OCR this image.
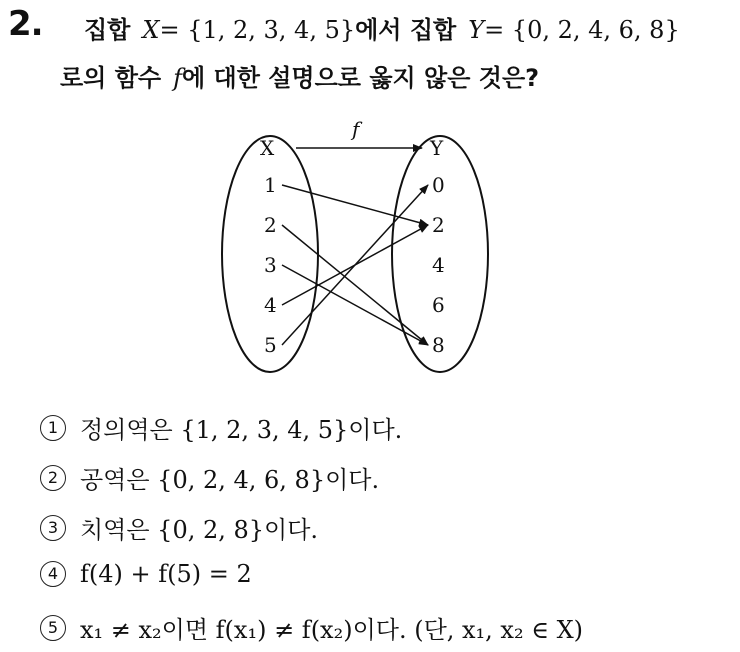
2. 집합 X= {1, 2, 3, 4, 5}에서 집합 Y= {0, 2, 4, 6, 8}
로의 함수 f에 대한 설명으로 옳지 않은 것은?
X	Y
f
1
2
3
4
5
0
2
4
6
8
1 정의역은 {1, 2, 3, 4, 5}이다.
2 공역은 {0, 2, 4, 6, 8}이다.
3 치역은 {0, 2, 8}이다.
4 f(4) + f(5) = 2
5 x₁ ≠ x₂이면 f(x₁) ≠ f(x₂)이다. (단, x₁, x₂ ∈ X)
